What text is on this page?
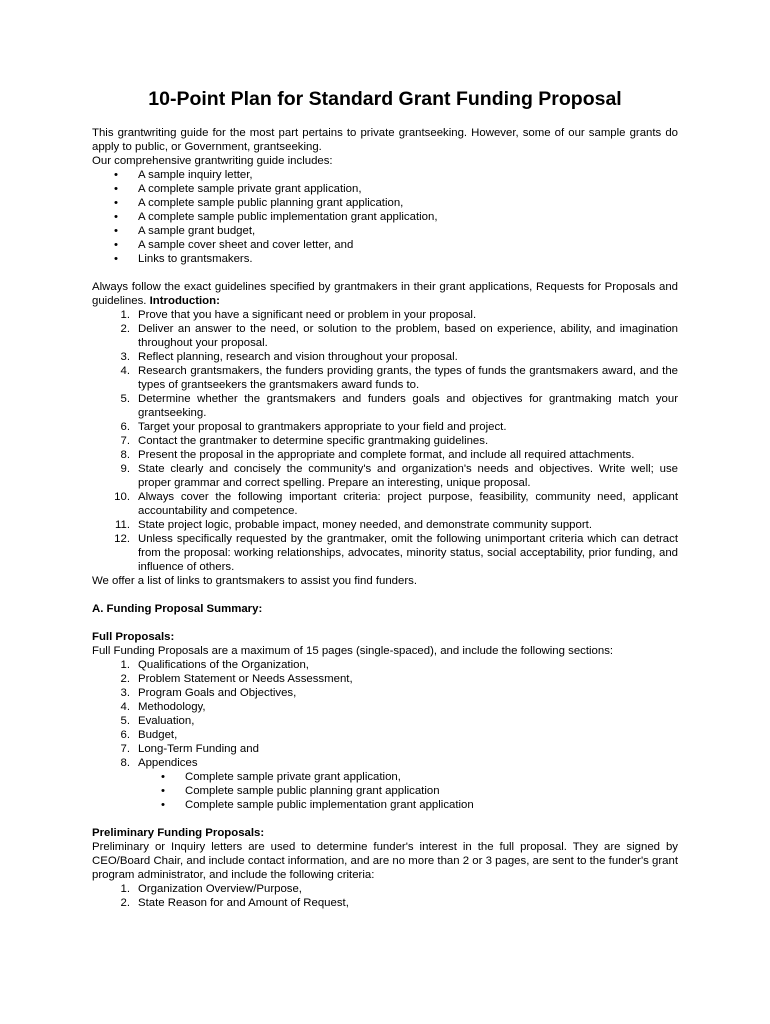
10-Point Plan for Standard Grant Funding Proposal

This grantwriting guide for the most part pertains to private grantseeking. However, some of our sample grants do apply to public, or Government, grantseeking.

Our comprehensive grantwriting guide includes:

•	A sample inquiry letter,
•	A complete sample private grant application,
•	A complete sample public planning grant application,
•	A complete sample public implementation grant application,
•	A sample grant budget,
•	A sample cover sheet and cover letter, and
•	Links to grantsmakers.

Always follow the exact guidelines specified by grantmakers in their grant applications, Requests for Proposals and guidelines. Introduction:

1. Prove that you have a significant need or problem in your proposal.
2. Deliver an answer to the need, or solution to the problem, based on experience, ability, and imagination throughout your proposal.
3. Reflect planning, research and vision throughout your proposal.
4. Research grantsmakers, the funders providing grants, the types of funds the grantsmakers award, and the types of grantseekers the grantsmakers award funds to.
5. Determine whether the grantsmakers and funders goals and objectives for grantmaking match your grantseeking.
6. Target your proposal to grantmakers appropriate to your field and project.
7. Contact the grantmaker to determine specific grantmaking guidelines.
8. Present the proposal in the appropriate and complete format, and include all required attachments.
9. State clearly and concisely the community's and organization's needs and objectives. Write well; use proper grammar and correct spelling. Prepare an interesting, unique proposal.
10. Always cover the following important criteria: project purpose, feasibility, community need, applicant accountability and competence.
11. State project logic, probable impact, money needed, and demonstrate community support.
12. Unless specifically requested by the grantmaker, omit the following unimportant criteria which can detract from the proposal: working relationships, advocates, minority status, social acceptability, prior funding, and influence of others.

We offer a list of links to grantsmakers to assist you find funders.

A. Funding Proposal Summary:

Full Proposals:

Full Funding Proposals are a maximum of 15 pages (single-spaced), and include the following sections:

1. Qualifications of the Organization,
2. Problem Statement or Needs Assessment,
3. Program Goals and Objectives,
4. Methodology,
5. Evaluation,
6. Budget,
7. Long-Term Funding and
8. Appendices
•	Complete sample private grant application,
•	Complete sample public planning grant application
•	Complete sample public implementation grant application

Preliminary Funding Proposals:

Preliminary or Inquiry letters are used to determine funder's interest in the full proposal. They are signed by CEO/Board Chair, and include contact information, and are no more than 2 or 3 pages, are sent to the funder's grant program administrator, and include the following criteria:

1. Organization Overview/Purpose,
2. State Reason for and Amount of Request,
